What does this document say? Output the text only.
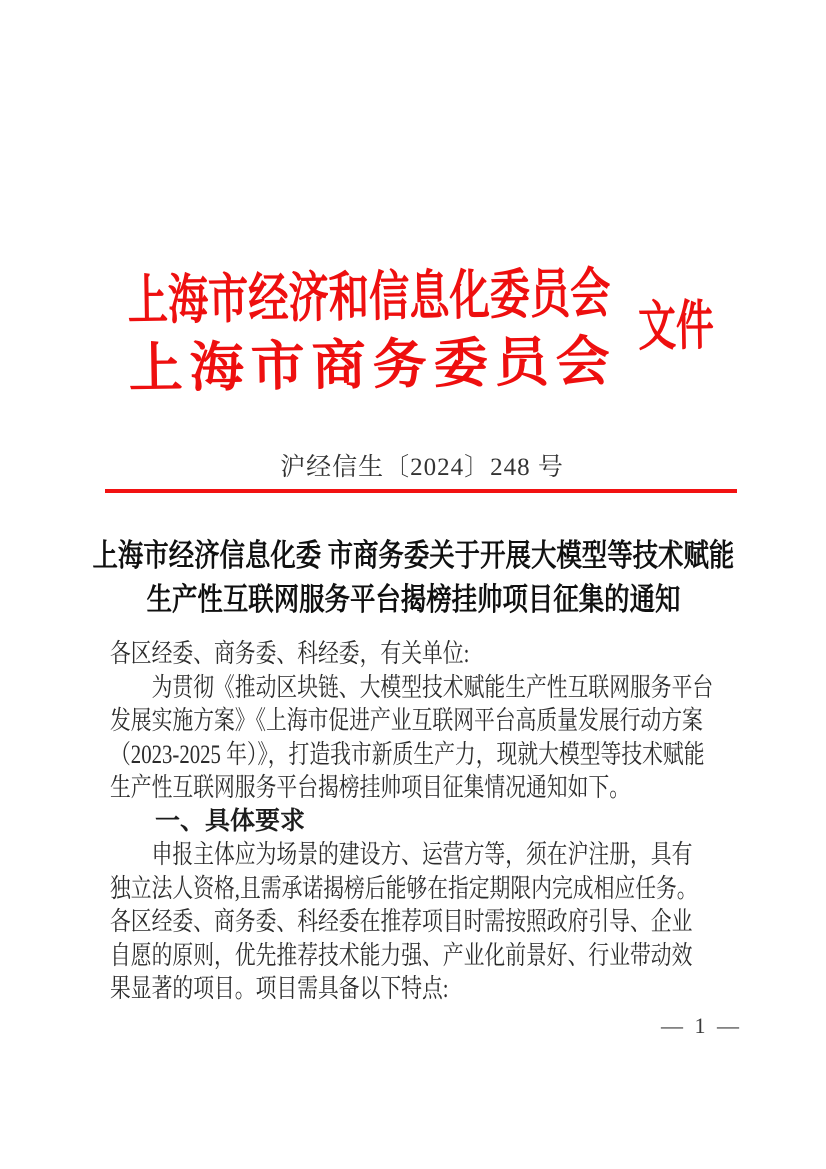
上海市经济和信息化委员会
上海市商务委员会
文件
沪经信生〔2024〕248 号
上海市经济信息化委 市商务委关于开展大模型等技术赋能
生产性互联网服务平台揭榜挂帅项目征集的通知
各区经委、商务委、科经委，有关单位:
为贯彻《推动区块链、大模型技术赋能生产性互联网服务平台
发展实施方案》《上海市促进产业互联网平台高质量发展行动方案
（2023-2025 年）》，打造我市新质生产力，现就大模型等技术赋能
生产性互联网服务平台揭榜挂帅项目征集情况通知如下。
一、具体要求
申报主体应为场景的建设方、运营方等，须在沪注册，具有
独立法人资格,且需承诺揭榜后能够在指定期限内完成相应任务。
各区经委、商务委、科经委在推荐项目时需按照政府引导、企业
自愿的原则，优先推荐技术能力强、产业化前景好、行业带动效
果显著的项目。项目需具备以下特点:
— 1 —
